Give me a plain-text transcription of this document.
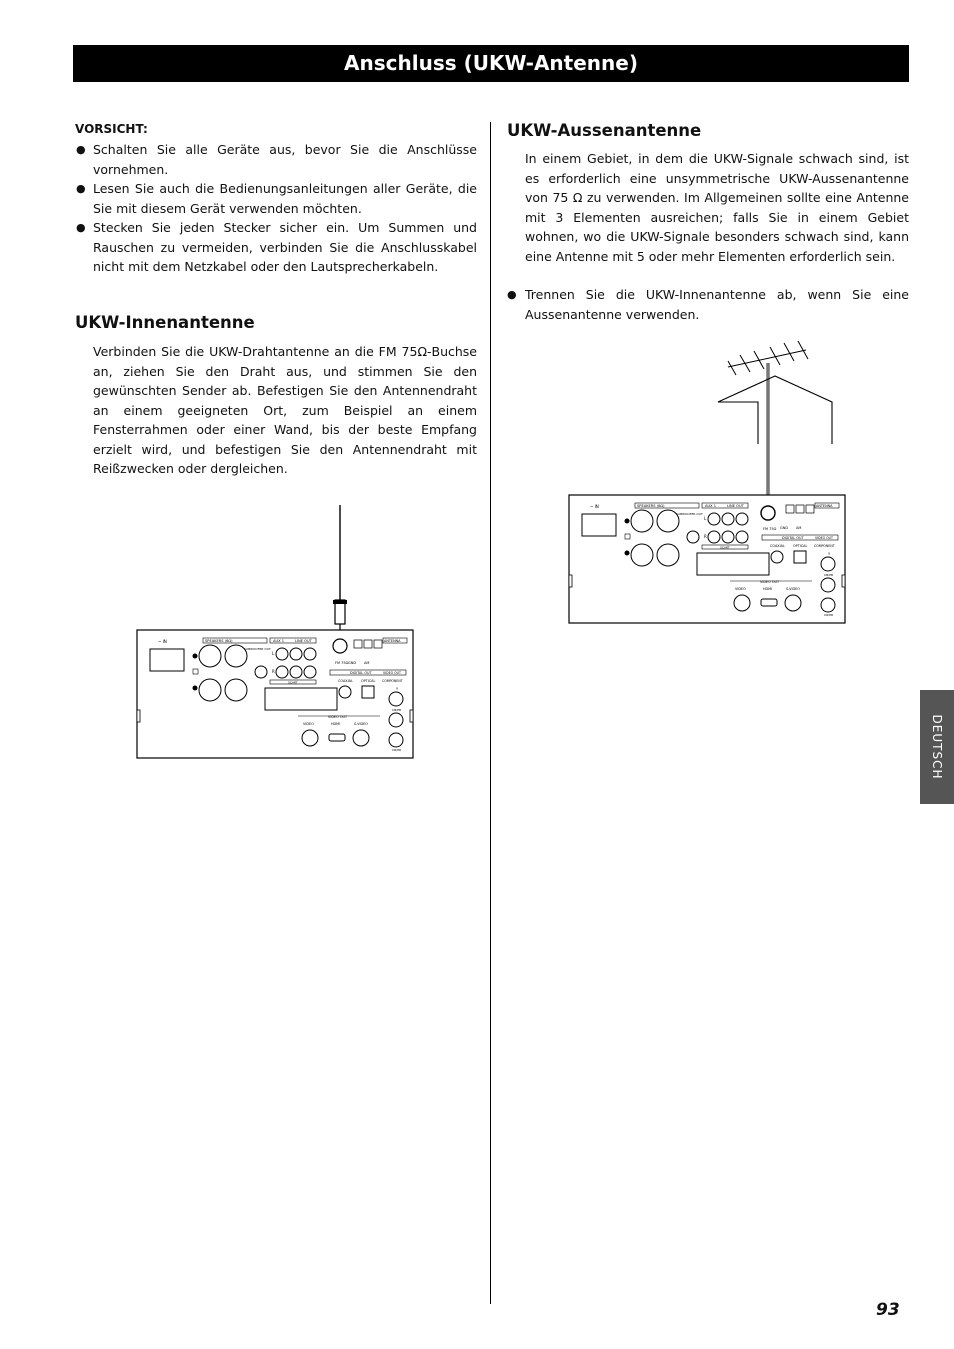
Anschluss (UKW-Antenne)
VORSICHT:
● Schalten Sie alle Geräte aus, bevor Sie die Anschlüsse vornehmen.
● Lesen Sie auch die Bedienungsanleitungen aller Geräte, die Sie mit diesem Gerät verwenden möchten.
● Stecken Sie jeden Stecker sicher ein. Um Summen und Rauschen zu vermeiden, verbinden Sie die Anschlusskabel nicht mit dem Netzkabel oder den Lautsprecherkabeln.
UKW-Innenantenne

Verbinden Sie die UKW-Drahtantenne an die FM 75Ω-Buchse an, ziehen Sie den Draht aus, und stimmen Sie den gewünschten Sender ab. Befestigen Sie den Antennendraht an einem geeigneten Ort, zum Beispiel an einem Fensterrahmen oder einer Wand, bis der beste Empfang erzielt wird, und befestigen Sie den Antennendraht mit Reißzwecken oder dergleichen.

UKW-Aussenantenne

In einem Gebiet, in dem die UKW-Signale schwach sind, ist es erforderlich eine unsymmetrische UKW-Aussenantenne von 75 Ω zu verwenden. Im Allgemeinen sollte eine Antenne mit 3 Elementen ausreichen; falls Sie in einem Gebiet wohnen, wo die UKW-Signale besonders schwach sind, kann eine Antenne mit 5 oder mehr Elementen erforderlich sein.

● Trennen Sie die UKW-Innenantenne ab, wenn Sie eine Aussenantenne verwenden.

~ IN	SPEAKERS (6Ω)
SUBWOOFER OUT
AUX 1	LINE OUT
SCART
L
R
FM 75Ω GND AM
ANTENNA
DIGITAL OUT	VIDEO OUT
COAXIAL OPTICAL COMPONENT
Y
CB/PB
CR/PR
VIDEO OUT
VIDEO	HDMI	S-VIDEO
~ IN	SPEAKERS (6Ω)
SUBWOOFER OUT
AUX 1	LINE OUT
SCART
L
R
FM 75Ω GND AM
ANTENNA
DIGITAL OUT	VIDEO OUT
COAXIAL OPTICAL COMPONENT
Y
CB/PB
CR/PR
VIDEO OUT
VIDEO	HDMI	S-VIDEO
DEUTSCH
93
